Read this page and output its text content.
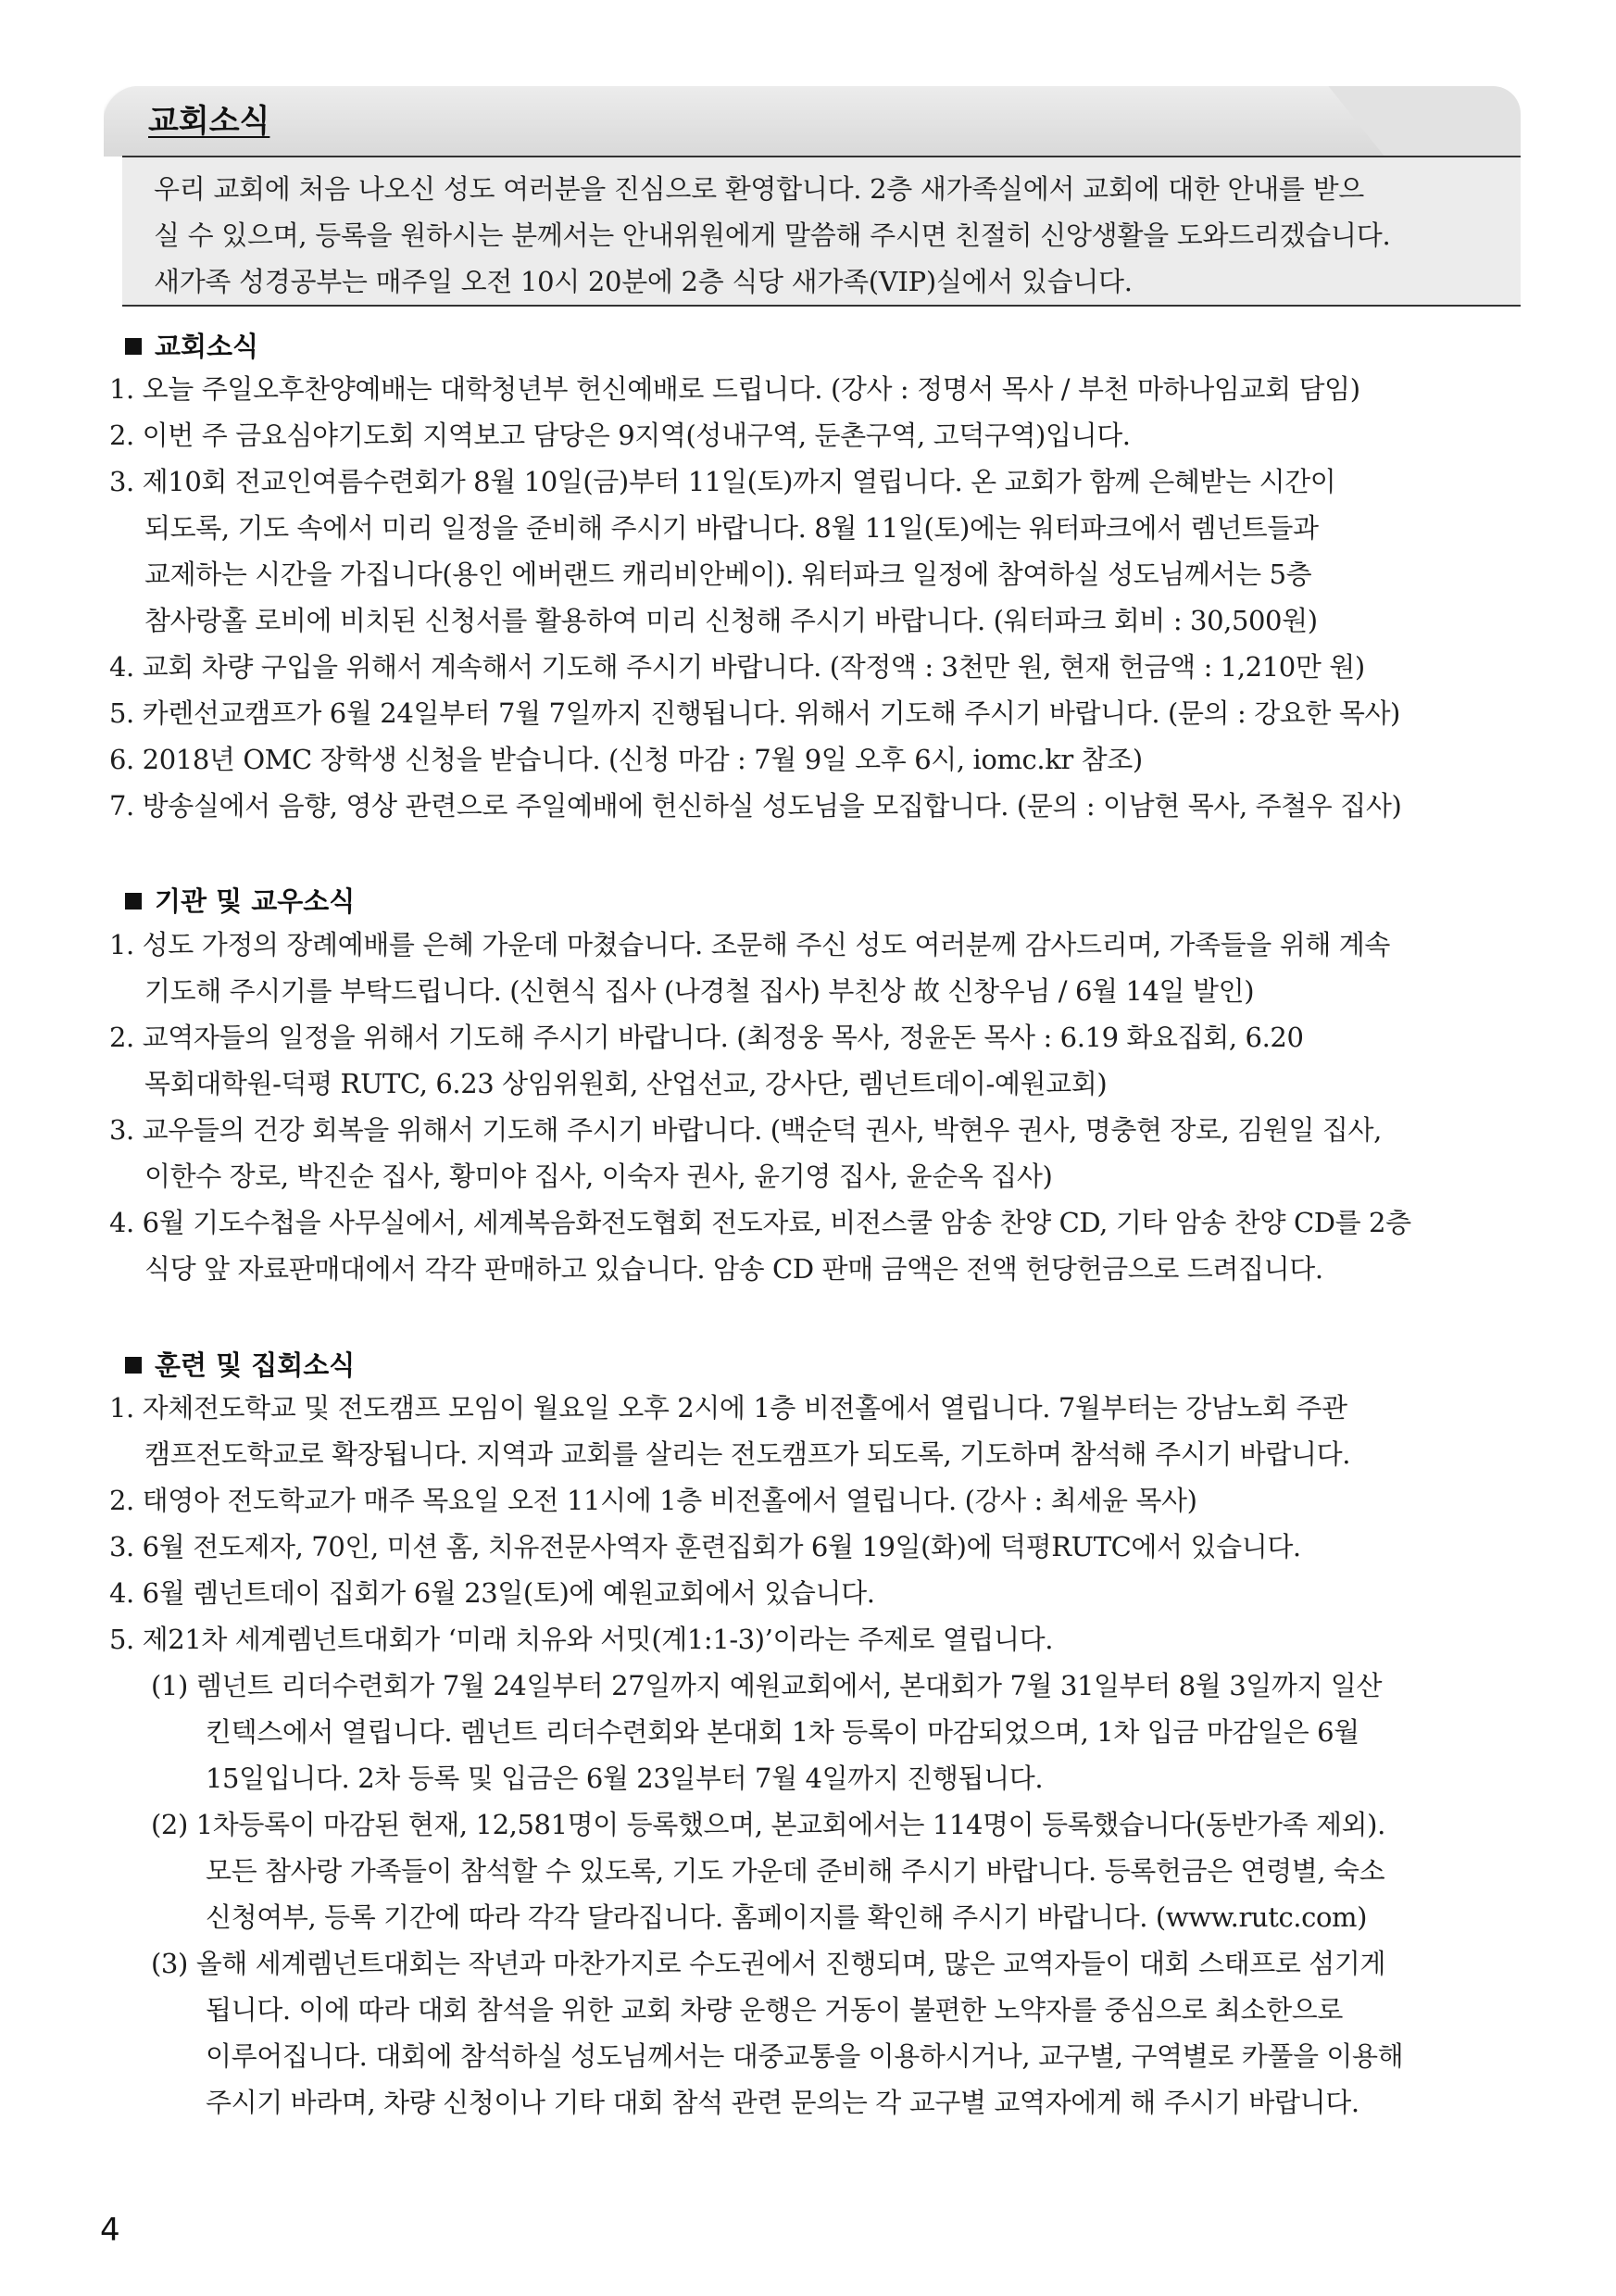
교회소식
우리 교회에 처음 나오신 성도 여러분을 진심으로 환영합니다. 2층 새가족실에서 교회에 대한 안내를 받으
실 수 있으며, 등록을 원하시는 분께서는 안내위원에게 말씀해 주시면 친절히 신앙생활을 도와드리겠습니다.
새가족 성경공부는 매주일 오전 10시 20분에 2층 식당 새가족(VIP)실에서 있습니다.
교회소식
1. 오늘 주일오후찬양예배는 대학청년부 헌신예배로 드립니다. (강사 : 정명서 목사 / 부천 마하나임교회 담임)
2. 이번 주 금요심야기도회 지역보고 담당은 9지역(성내구역, 둔촌구역, 고덕구역)입니다.
3. 제10회 전교인여름수련회가 8월 10일(금)부터 11일(토)까지 열립니다. 온 교회가 함께 은혜받는 시간이
되도록, 기도 속에서 미리 일정을 준비해 주시기 바랍니다. 8월 11일(토)에는 워터파크에서 렘넌트들과
교제하는 시간을 가집니다(용인 에버랜드 캐리비안베이). 워터파크 일정에 참여하실 성도님께서는 5층
참사랑홀 로비에 비치된 신청서를 활용하여 미리 신청해 주시기 바랍니다. (워터파크 회비 : 30,500원)
4. 교회 차량 구입을 위해서 계속해서 기도해 주시기 바랍니다. (작정액 : 3천만 원, 현재 헌금액 : 1,210만 원)
5. 카렌선교캠프가 6월 24일부터 7월 7일까지 진행됩니다. 위해서 기도해 주시기 바랍니다. (문의 : 강요한 목사)
6. 2018년 OMC 장학생 신청을 받습니다. (신청 마감 : 7월 9일 오후 6시, iomc.kr 참조)
7. 방송실에서 음향, 영상 관련으로 주일예배에 헌신하실 성도님을 모집합니다. (문의 : 이남현 목사, 주철우 집사)
기관 및 교우소식
1. 성도 가정의 장례예배를 은혜 가운데 마쳤습니다. 조문해 주신 성도 여러분께 감사드리며, 가족들을 위해 계속
기도해 주시기를 부탁드립니다. (신현식 집사 (나경철 집사) 부친상 故 신창우님 / 6월 14일 발인)
2. 교역자들의 일정을 위해서 기도해 주시기 바랍니다. (최정웅 목사, 정윤돈 목사 : 6.19 화요집회, 6.20
목회대학원-덕평 RUTC, 6.23 상임위원회, 산업선교, 강사단, 렘넌트데이-예원교회)
3. 교우들의 건강 회복을 위해서 기도해 주시기 바랍니다. (백순덕 권사, 박현우 권사, 명충현 장로, 김원일 집사,
이한수 장로, 박진순 집사, 황미야 집사, 이숙자 권사, 윤기영 집사, 윤순옥 집사)
4. 6월 기도수첩을 사무실에서, 세계복음화전도협회 전도자료, 비전스쿨 암송 찬양 CD, 기타 암송 찬양 CD를 2층
식당 앞 자료판매대에서 각각 판매하고 있습니다. 암송 CD 판매 금액은 전액 헌당헌금으로 드려집니다.
훈련 및 집회소식
1. 자체전도학교 및 전도캠프 모임이 월요일 오후 2시에 1층 비전홀에서 열립니다. 7월부터는 강남노회 주관
캠프전도학교로 확장됩니다. 지역과 교회를 살리는 전도캠프가 되도록, 기도하며 참석해 주시기 바랍니다.
2. 태영아 전도학교가 매주 목요일 오전 11시에 1층 비전홀에서 열립니다. (강사 : 최세윤 목사)
3. 6월 전도제자, 70인, 미션 홈, 치유전문사역자 훈련집회가 6월 19일(화)에 덕평RUTC에서 있습니다.
4. 6월 렘넌트데이 집회가 6월 23일(토)에 예원교회에서 있습니다.
5. 제21차 세계렘넌트대회가 ‘미래 치유와 서밋(계1:1-3)’이라는 주제로 열립니다.
(1) 렘넌트 리더수련회가 7월 24일부터 27일까지 예원교회에서, 본대회가 7월 31일부터 8월 3일까지 일산
킨텍스에서 열립니다. 렘넌트 리더수련회와 본대회 1차 등록이 마감되었으며, 1차 입금 마감일은 6월
15일입니다. 2차 등록 및 입금은 6월 23일부터 7월 4일까지 진행됩니다.
(2) 1차등록이 마감된 현재, 12,581명이 등록했으며, 본교회에서는 114명이 등록했습니다(동반가족 제외).
모든 참사랑 가족들이 참석할 수 있도록, 기도 가운데 준비해 주시기 바랍니다. 등록헌금은 연령별, 숙소
신청여부, 등록 기간에 따라 각각 달라집니다. 홈페이지를 확인해 주시기 바랍니다. (www.rutc.com)
(3) 올해 세계렘넌트대회는 작년과 마찬가지로 수도권에서 진행되며, 많은 교역자들이 대회 스태프로 섬기게
됩니다. 이에 따라 대회 참석을 위한 교회 차량 운행은 거동이 불편한 노약자를 중심으로 최소한으로
이루어집니다. 대회에 참석하실 성도님께서는 대중교통을 이용하시거나, 교구별, 구역별로 카풀을 이용해
주시기 바라며, 차량 신청이나 기타 대회 참석 관련 문의는 각 교구별 교역자에게 해 주시기 바랍니다.
4
